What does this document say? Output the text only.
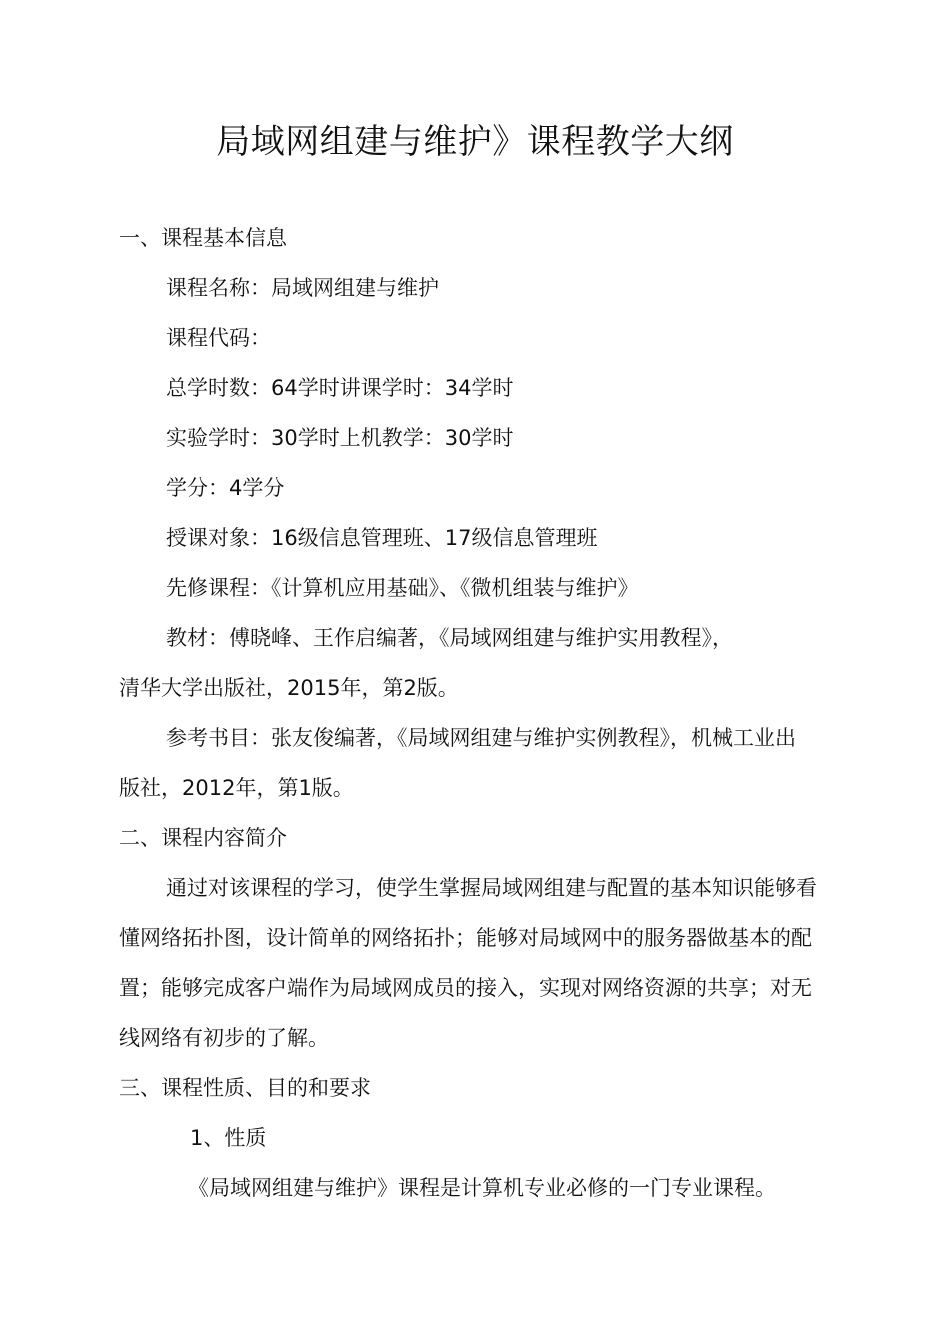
局域网组建与维护》课程教学大纲

一、课程基本信息

课程名称：局域网组建与维护

课程代码：

总学时数：64学时讲课学时：34学时

实验学时：30学时上机教学：30学时

学分：4学分

授课对象：16级信息管理班、17级信息管理班

先修课程：《计算机应用基础》、《微机组装与维护》

教材：傅晓峰、王作启编著，《局域网组建与维护实用教程》，

清华大学出版社，2015年，第2版。

参考书目：张友俊编著，《局域网组建与维护实例教程》，机械工业出

版社，2012年，第1版。

二、课程内容简介

通过对该课程的学习，使学生掌握局域网组建与配置的基本知识能够看

懂网络拓扑图，设计简单的网络拓扑；能够对局域网中的服务器做基本的配

置；能够完成客户端作为局域网成员的接入，实现对网络资源的共享；对无

线网络有初步的了解。

三、课程性质、目的和要求

1、性质

《局域网组建与维护》课程是计算机专业必修的一门专业课程。
